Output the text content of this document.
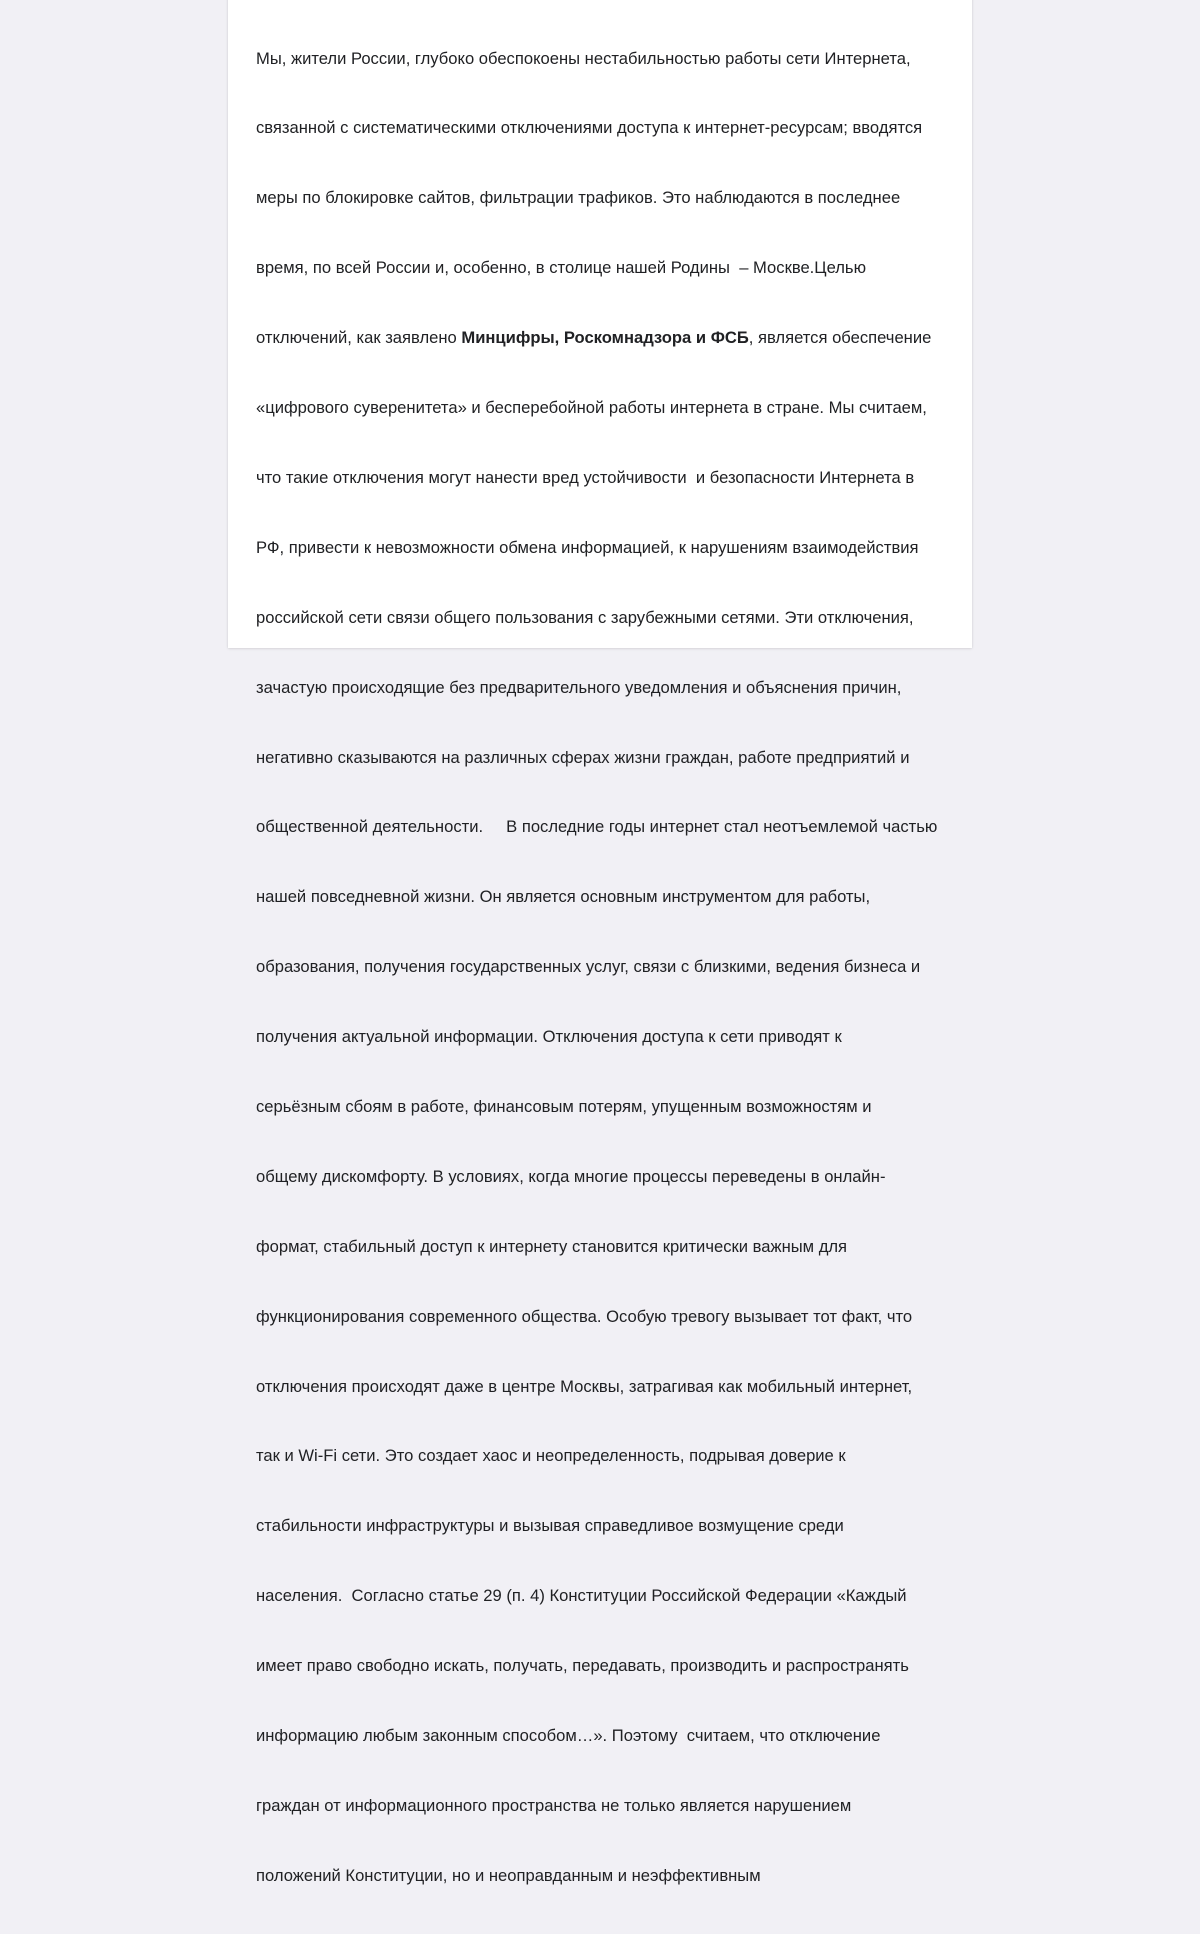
Мы, жители России, глубоко обеспокоены нестабильностью работы сети Интернета,

связанной с систематическими отключениями доступа к интернет-ресурсам; вводятся

меры по блокировке сайтов, фильтрации трафиков. Это наблюдаются в последнее

время, по всей России и, особенно, в столице нашей Родины  – Москве.Целью

отключений, как заявлено Минцифры, Роскомнадзора и ФСБ, является обеспечение

«цифрового суверенитета» и бесперебойной работы интернета в стране. Мы считаем,

что такие отключения могут нанести вред устойчивости  и безопасности Интернета в

РФ, привести к невозможности обмена информацией, к нарушениям взаимодействия

российской сети связи общего пользования с зарубежными сетями. Эти отключения,

зачастую происходящие без предварительного уведомления и объяснения причин,

негативно сказываются на различных сферах жизни граждан, работе предприятий и

общественной деятельности.     В последние годы интернет стал неотъемлемой частью

нашей повседневной жизни. Он является основным инструментом для работы,

образования, получения государственных услуг, связи с близкими, ведения бизнеса и

получения актуальной информации. Отключения доступа к сети приводят к

серьёзным сбоям в работе, финансовым потерям, упущенным возможностям и

общему дискомфорту. В условиях, когда многие процессы переведены в онлайн-

формат, стабильный доступ к интернету становится критически важным для

функционирования современного общества. Особую тревогу вызывает тот факт, что

отключения происходят даже в центре Москвы, затрагивая как мобильный интернет,

так и Wi-Fi сети. Это создает хаос и неопределенность, подрывая доверие к

стабильности инфраструктуры и вызывая справедливое возмущение среди

населения.  Согласно статье 29 (п. 4) Конституции Российской Федерации «Каждый

имеет право свободно искать, получать, передавать, производить и распространять

информацию любым законным способом…». Поэтому  считаем, что отключение

граждан от информационного пространства не только является нарушением

положений Конституции, но и неоправданным и неэффективным
